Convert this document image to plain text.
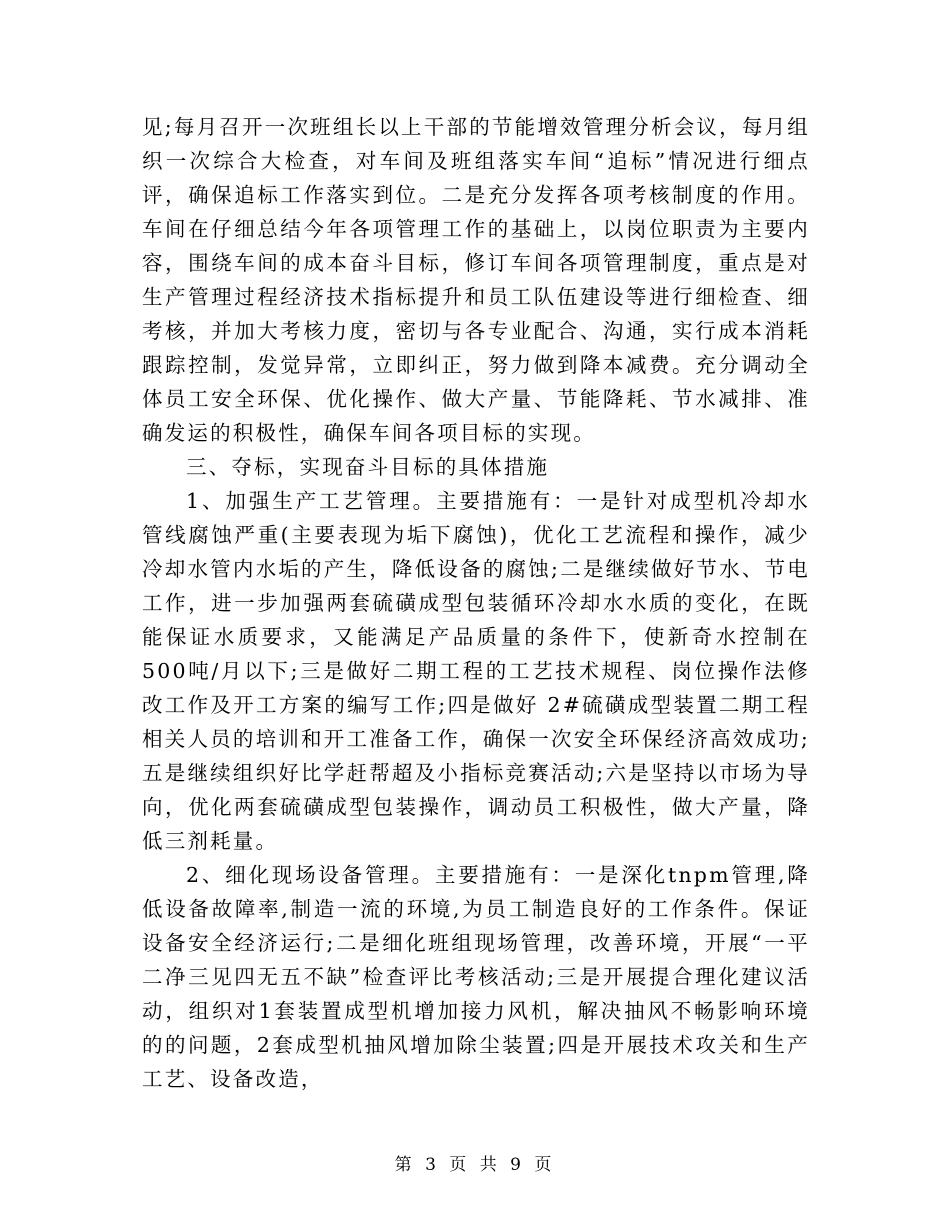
见;每月召开一次班组长以上干部的节能增效管理分析会议，每月组织一次综合大检查，对车间及班组落实车间“追标”情况进行细点评，确保追标工作落实到位。二是充分发挥各项考核制度的作用。车间在仔细总结今年各项管理工作的基础上，以岗位职责为主要内容，围绕车间的成本奋斗目标，修订车间各项管理制度，重点是对生产管理过程经济技术指标提升和员工队伍建设等进行细检查、细考核，并加大考核力度，密切与各专业配合、沟通，实行成本消耗跟踪控制，发觉异常，立即纠正，努力做到降本减费。充分调动全体员工安全环保、优化操作、做大产量、节能降耗、节水减排、准确发运的积极性，确保车间各项目标的实现。

三、夺标，实现奋斗目标的具体措施

1、加强生产工艺管理。主要措施有：一是针对成型机冷却水管线腐蚀严重(主要表现为垢下腐蚀)，优化工艺流程和操作，减少冷却水管内水垢的产生，降低设备的腐蚀;二是继续做好节水、节电工作，进一步加强两套硫磺成型包装循环冷却水水质的变化，在既能保证水质要求，又能满足产品质量的条件下，使新奇水控制在 500吨/月以下;三是做好二期工程的工艺技术规程、岗位操作法修改工作及开工方案的编写工作;四是做好 2#硫磺成型装置二期工程相关人员的培训和开工准备工作，确保一次安全环保经济高效成功;五是继续组织好比学赶帮超及小指标竞赛活动;六是坚持以市场为导向，优化两套硫磺成型包装操作，调动员工积极性，做大产量，降低三剂耗量。

2、细化现场设备管理。主要措施有：一是深化tnpm管理,降低设备故障率,制造一流的环境,为员工制造良好的工作条件。保证设备安全经济运行;二是细化班组现场管理，改善环境，开展“一平二净三见四无五不缺”检查评比考核活动;三是开展提合理化建议活动，组织对1套装置成型机增加接力风机，解决抽风不畅影响环境的的问题，2套成型机抽风增加除尘装置;四是开展技术攻关和生产工艺、设备改造，

第 3 页 共 9 页
